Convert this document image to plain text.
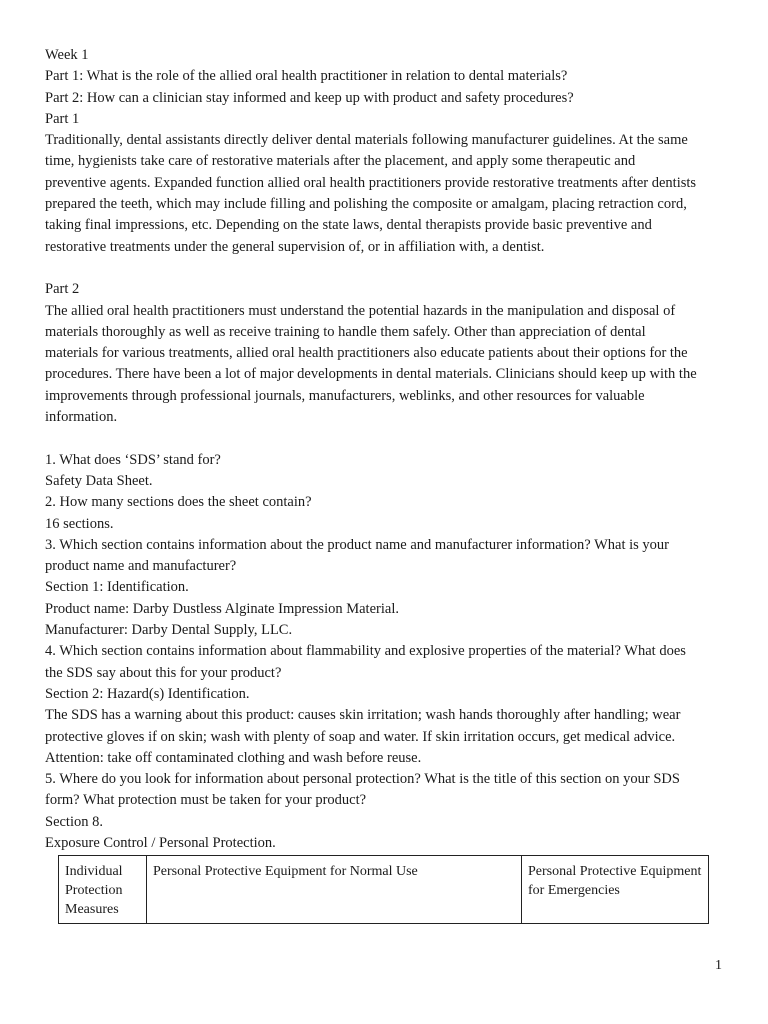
Week 1
Part 1: What is the role of the allied oral health practitioner in relation to dental materials?
Part 2: How can a clinician stay informed and keep up with product and safety procedures?
Part 1
Traditionally, dental assistants directly deliver dental materials following manufacturer guidelines. At the same
time, hygienists take care of restorative materials after the placement, and apply some therapeutic and
preventive agents. Expanded function allied oral health practitioners provide restorative treatments after dentists
prepared the teeth, which may include filling and polishing the composite or amalgam, placing retraction cord,
taking final impressions, etc. Depending on the state laws, dental therapists provide basic preventive and
restorative treatments under the general supervision of, or in affiliation with, a dentist.
Part 2
The allied oral health practitioners must understand the potential hazards in the manipulation and disposal of
materials thoroughly as well as receive training to handle them safely. Other than appreciation of dental
materials for various treatments, allied oral health practitioners also educate patients about their options for the
procedures. There have been a lot of major developments in dental materials. Clinicians should keep up with the
improvements through professional journals, manufacturers, weblinks, and other resources for valuable
information.
1. What does ‘SDS’ stand for?
Safety Data Sheet.
2. How many sections does the sheet contain?
16 sections.
3. Which section contains information about the product name and manufacturer information? What is your
product name and manufacturer?
Section 1: Identification.
Product name: Darby Dustless Alginate Impression Material.
Manufacturer: Darby Dental Supply, LLC.
4. Which section contains information about flammability and explosive properties of the material? What does
the SDS say about this for your product?
Section 2: Hazard(s) Identification.
The SDS has a warning about this product: causes skin irritation; wash hands thoroughly after handling; wear
protective gloves if on skin; wash with plenty of soap and water. If skin irritation occurs, get medical advice.
Attention: take off contaminated clothing and wash before reuse.
5. Where do you look for information about personal protection? What is the title of this section on your SDS
form? What protection must be taken for your product?
Section 8.
Exposure Control / Personal Protection.
Individual Protection Measures	Personal Protective Equipment for Normal Use	Personal Protective Equipment for Emergencies
1
